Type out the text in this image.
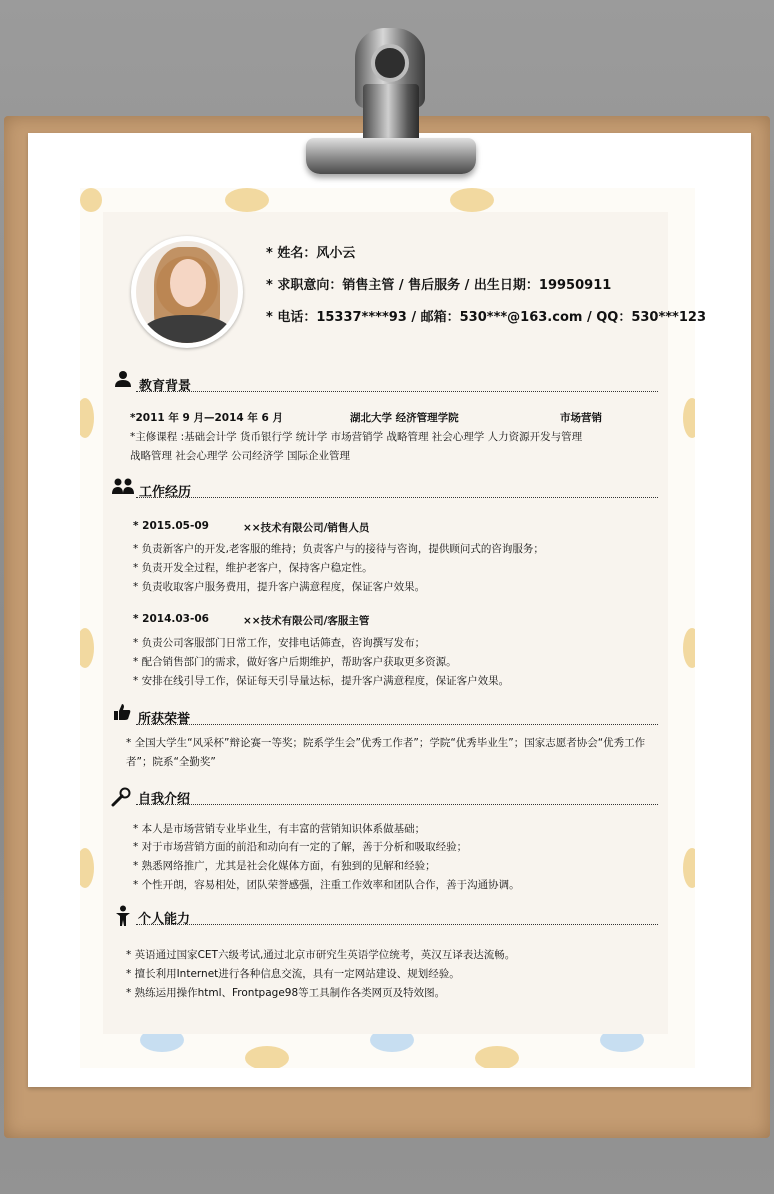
* 姓名：风小云
* 求职意向：销售主管 / 售后服务 / 出生日期：19950911
* 电话：15337****93 / 邮箱：530***@163.com / QQ：530***123
教育背景
*2011 年 9 月—2014 年 6 月	湖北大学 经济管理学院	市场营销
*主修课程 :基础会计学 货币银行学 统计学 市场营销学 战略管理 社会心理学 人力资源开发与管理
战略管理 社会心理学 公司经济学 国际企业管理
工作经历
* 2015.05-09	××技术有限公司/销售人员
* 负责新客户的开发,老客服的维持；负责客户与的接待与咨询，提供顾问式的咨询服务；
* 负责开发全过程，维护老客户，保持客户稳定性。
* 负责收取客户服务费用，提升客户满意程度，保证客户效果。
* 2014.03-06	××技术有限公司/客服主管
* 负责公司客服部门日常工作，安排电话筛查，咨询撰写发布；
* 配合销售部门的需求，做好客户后期维护，帮助客户获取更多资源。
* 安排在线引导工作，保证每天引导量达标，提升客户满意程度，保证客户效果。
所获荣誉
* 全国大学生“风采杯”辩论赛一等奖；院系学生会”优秀工作者”；学院“优秀毕业生”；国家志愿者协会“优秀工作者”；院系“全勤奖”
自我介绍
* 本人是市场营销专业毕业生，有丰富的营销知识体系做基础；
* 对于市场营销方面的前沿和动向有一定的了解，善于分析和吸取经验；
* 熟悉网络推广，尤其是社会化媒体方面，有独到的见解和经验；
* 个性开朗，容易相处，团队荣誉感强，注重工作效率和团队合作，善于沟通协调。
个人能力
* 英语通过国家CET六级考试,通过北京市研究生英语学位统考，英汉互译表达流畅。
* 擅长利用Internet进行各种信息交流，具有一定网站建设、规划经验。
* 熟练运用操作html、Frontpage98等工具制作各类网页及特效图。
